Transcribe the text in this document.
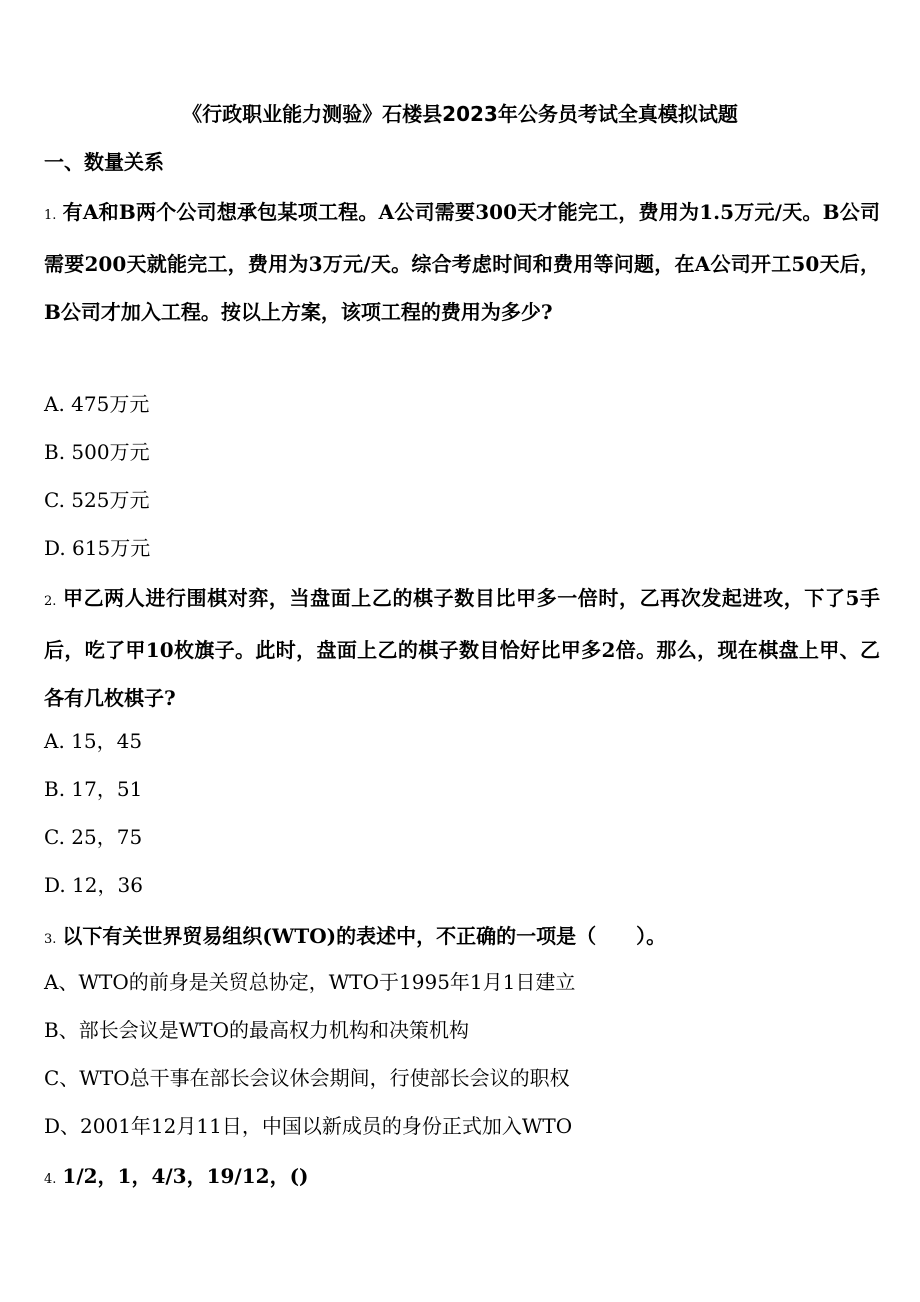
《行政职业能力测验》石楼县2023年公务员考试全真模拟试题
一、数量关系
1. 有A和B两个公司想承包某项工程。A公司需要300天才能完工，费用为1.5万元/天。B公司需要200天就能完工，费用为3万元/天。综合考虑时间和费用等问题，在A公司开工50天后，B公司才加入工程。按以上方案，该项工程的费用为多少?
A. 475万元
B. 500万元
C. 525万元
D. 615万元
2. 甲乙两人进行围棋对弈，当盘面上乙的棋子数目比甲多一倍时，乙再次发起进攻，下了5手后，吃了甲10枚旗子。此时，盘面上乙的棋子数目恰好比甲多2倍。那么，现在棋盘上甲、乙各有几枚棋子?
A. 15，45
B. 17，51
C. 25，75
D. 12，36
3. 以下有关世界贸易组织(WTO)的表述中，不正确的一项是（　　）。
A、WTO的前身是关贸总协定，WTO于1995年1月1日建立
B、部长会议是WTO的最高权力机构和决策机构
C、WTO总干事在部长会议休会期间，行使部长会议的职权
D、2001年12月11日，中国以新成员的身份正式加入WTO
4. 1/2，1，4/3，19/12，()
